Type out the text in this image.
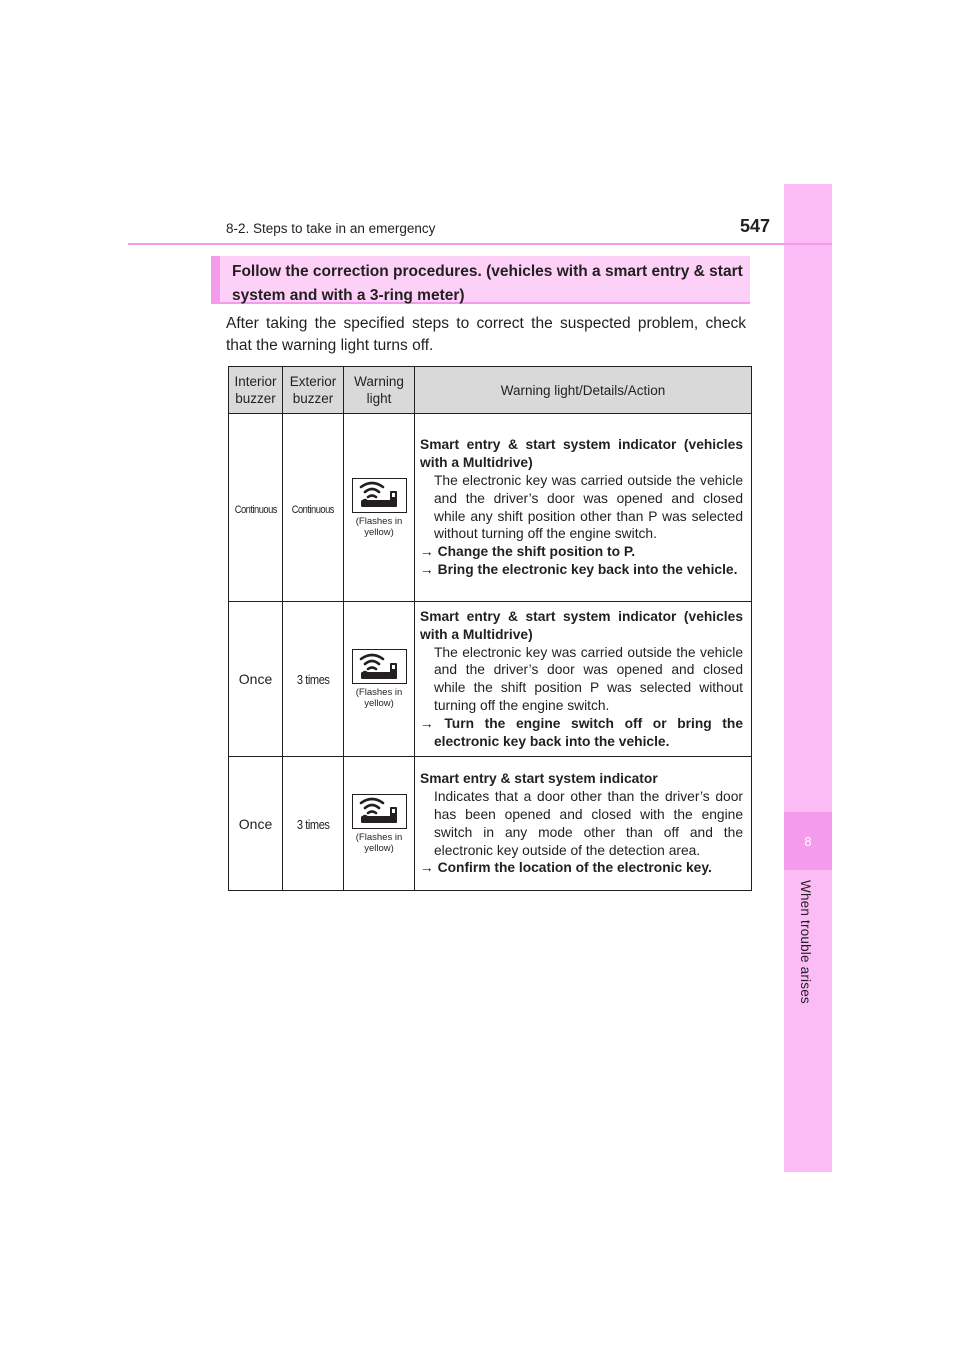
8
When trouble arises
8-2. Steps to take in an emergency	547
Follow the correction procedures. (vehicles with a smart entry & start system and with a 3-ring meter)
After taking the specified steps to correct the suspected problem, check that the warning light turns off.
Interior buzzer	Exterior buzzer	Warning light	Warning light/Details/Action
Continuous	Continuous	(Flashes in yellow)	Smart entry & start system indicator (vehicles with a Multidrive)
The electronic key was carried outside the vehicle and the driver’s door was opened and closed while any shift position other than P was selected without turning off the engine switch.
→ Change the shift position to P.
→ Bring the electronic key back into the vehicle.

Once	3 times	(Flashes in yellow)	Smart entry & start system indicator (vehicles with a Multidrive)
The electronic key was carried outside the vehicle and the driver’s door was opened and closed while the shift position P was selected without turning off the engine switch.
→ Turn the engine switch off or bring the electronic key back into the vehicle.

Once	3 times	(Flashes in yellow)	Smart entry & start system indicator
Indicates that a door other than the driver’s door has been opened and closed with the engine switch in any mode other than off and the electronic key outside of the detection area.
→ Confirm the location of the electronic key.
